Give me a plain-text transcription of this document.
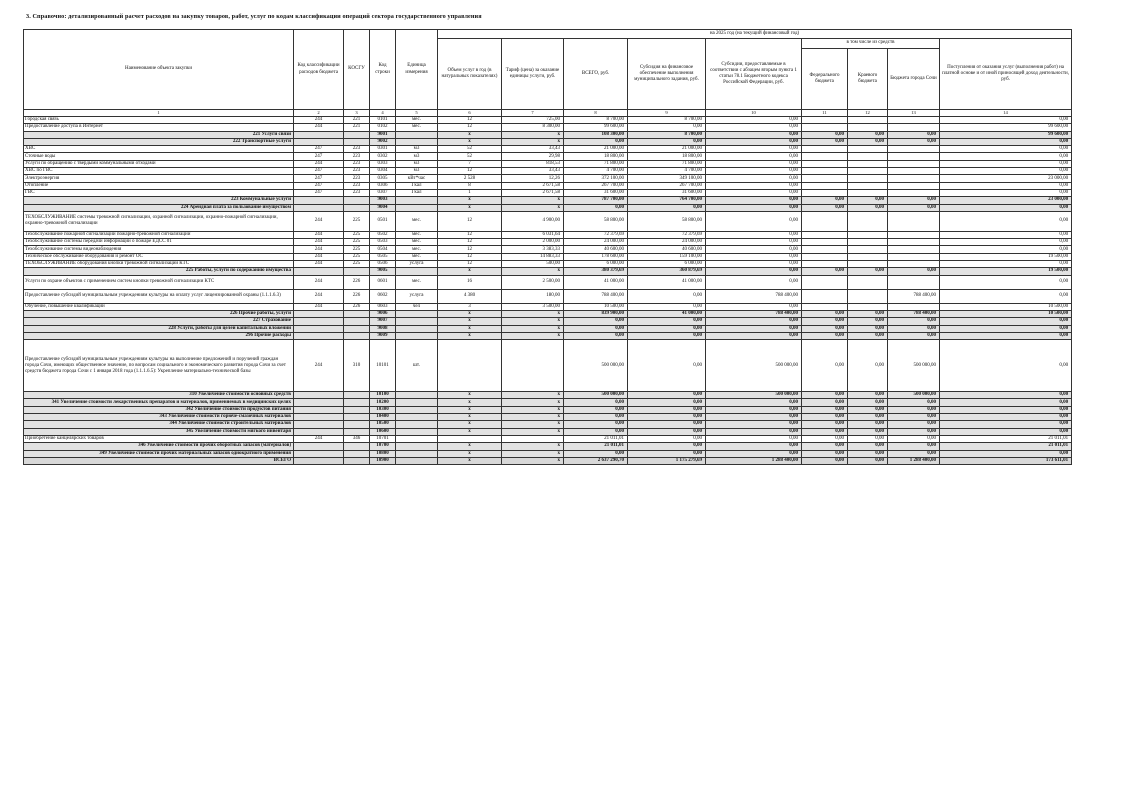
3. Справочно: детализированный расчет расходов на закупку товаров, работ, услуг по кодам классификации операций сектора государственного управления
Наименование объекта закупки	Код классификации расходов бюджета	КОСГУ	Код строки	Единица измерения	на 2025 год (на текущий финансовый год)								
					Объем услуг в год (в натуральных показателях)	Тариф (цена) за оказание единицы услуги, руб.	ВСЕГО, руб.	Субсидия на финансовое обеспечение выполнения муниципального задания, руб.	Субсидии, предоставляемые в соответствии с абзацем вторым пункта 1 статьи 78.1 Бюджетного кодекса Российской Федерации, руб.	в том числе из средств			Поступления от оказания услуг (выполнения работ) на платной основе и от иной приносящей доход деятельности, руб.
										Федерального бюджета	Краевого бюджета	Бюджета города Сочи	
1	2	3	4	5	6	7	8	9	10	11	12	13	14
Городская связь	244	221	0101	мес.	12	725,00	8 700,00	8 700,00	0,00				0,00
Предоставление доступа в Интернет	244	221	0102	мес.	12	8 300,00	99 600,00	0,00	0,00				99 600,00
221 Услуги связи			9001		х	х	108 300,00	8 700,00	0,00	0,00	0,00	0,00	99 600,00
222 Транспортные услуги			9002		х	х	0,00	0,00	0,00	0,00	0,00	0,00	0,00
ХВС	247	223	0301	м3	52	33,43	21 000,00	21 000,00	0,00				0,00
Сточные воды	247	223	0302	м3	52	29,98	18 800,00	18 800,00	0,00				0,00
Услуги по обращению с твердыми коммунальными отходами	244	223	0303	м3	7	818,53	71 800,00	71 800,00	0,00				0,00
ХВС по ГВС	247	223	0304	м3	12	33,43	4 700,00	4 700,00	0,00				0,00
Электроэнергия	247	223	0305	кВт*час	2 528	12,26	372 100,00	349 100,00	0,00				23 000,00
Отопление	247	223	0306	Гкал	8	2 671,58	267 700,00	267 700,00	0,00				0,00
ГВС	247	223	0307	Гкал	1	2 671,58	31 600,00	31 600,00	0,00				0,00
223 Коммунальные услуги			9003		х	х	787 700,00	764 700,00	0,00	0,00	0,00	0,00	23 000,00
224 Арендная плата за пользование имуществом			9004		х	х	0,00	0,00	0,00	0,00	0,00	0,00	0,00
ТЕХОБСЛУЖИВАНИЕ системы тревожной сигнализации, охранной сигнализации, охранно-пожарной сигнализации, охранно-тревожной сигнализации	244	225	0501	мес.	12	4 900,00	58 800,00	58 800,00	0,00				0,00
Техобслуживание пожарной сигнализации пожарно-тревожной сигнализации	244	225	0502	мес.	12	6 031,64	72 379,69	72 379,69	0,00				0,00
Техобслуживание системы передачи информации о пожаре ЕДСС 01	244	225	0503	мес.	12	2 000,00	24 000,00	24 000,00	0,00				0,00
Техобслуживание системы видеонаблюдения	244	225	0504	мес.	12	3 383,33	40 600,00	40 600,00	0,00				0,00
Техническое обслуживание оборудования и ремонт ОС	244	225	0505	мес.	12	14 883,33	178 600,00	159 100,00	0,00				19 500,00
ТЕХОБСЛУЖИВАНИЕ оборудования кнопки тревожной сигнализации КТС	244	225	0506	услуга	12	500,00	6 000,00	6 000,00	0,00				0,00
225 Работы, услуги по содержанию имущества			9005		х	х	380 379,69	360 879,69	0,00	0,00	0,00	0,00	19 500,00
Услуги по охране объектов с применением систем кнопки тревожной сигнализации КТС	244	226	0601	мес.	16	2 500,00	41 000,00	41 000,00	0,00				0,00
Предоставление субсидий муниципальным учреждениям культуры на оплату услуг лицензированной охраны (1.1.1.6.3)	244	226	0602	услуга	4 380	180,00	788 400,00	0,00	788 400,00			788 400,00	0,00
Обучение, повышение квалификации	244	226	0603	чел	3	3 500,00	10 500,00	0,00	0,00				10 500,00
226 Прочие работы, услуги			9006		х	х	839 900,00	41 000,00	788 400,00	0,00	0,00	788 400,00	10 500,00
227 Страхование			9007		х	х	0,00	0,00	0,00	0,00	0,00	0,00	0,00
228 Услуги, работы для целей капитальных вложений			9008		х	х	0,00	0,00	0,00	0,00	0,00	0,00	0,00
296 Прочие расходы			9009		х	х	0,00	0,00	0,00	0,00	0,00	0,00	0,00
Предоставление субсидий муниципальным учреждениям культуры на выполнение предложений и поручений граждан города Сочи, имеющих общественное значение, по вопросам социального и экономического развития города Сочи за счет средств бюджета города Сочи с 1 января 2018 года (1.1.1.6.5): Укрепление материально-технической базы	244	310	10101	шт.			500 000,00	0,00	500 000,00	0,00	0,00	500 000,00	0,00
310 Увеличение стоимости основных средств			10100		х	х	500 000,00	0,00	500 000,00	0,00	0,00	500 000,00	0,00
341 Увеличение стоимости лекарственных препаратов и материалов, применяемых в медицинских целях			10200		х	х	0,00	0,00	0,00	0,00	0,00	0,00	0,00
342 Увеличение стоимости продуктов питания			10300		х	х	0,00	0,00	0,00	0,00	0,00	0,00	0,00
343 Увеличение стоимости горюче-смазочных материалов			10400		х	х	0,00	0,00	0,00	0,00	0,00	0,00	0,00
344 Увеличение стоимости строительных материалов			10500		х	х	0,00	0,00	0,00	0,00	0,00	0,00	0,00
345 Увеличение стоимости мягкого инвентаря			10600		х	х	0,00	0,00	0,00	0,00	0,00	0,00	0,00
Приобретение канцелярских товаров	244	346	10701				21 011,01	0,00	0,00	0,00	0,00	0,00	21 011,01
346 Увеличение стоимости прочих оборотных запасов (материалов)			10700		х	х	21 011,01	0,00	0,00	0,00	0,00	0,00	21 011,01
349 Увеличение стоимости прочих материальных запасов однократного применения			10800		х	х	0,00	0,00	0,00	0,00	0,00	0,00	0,00
ВСЕГО			10900		х	х	2 637 290,70	1 175 279,69	1 288 400,00	0,00	0,00	1 288 400,00	173 611,01
